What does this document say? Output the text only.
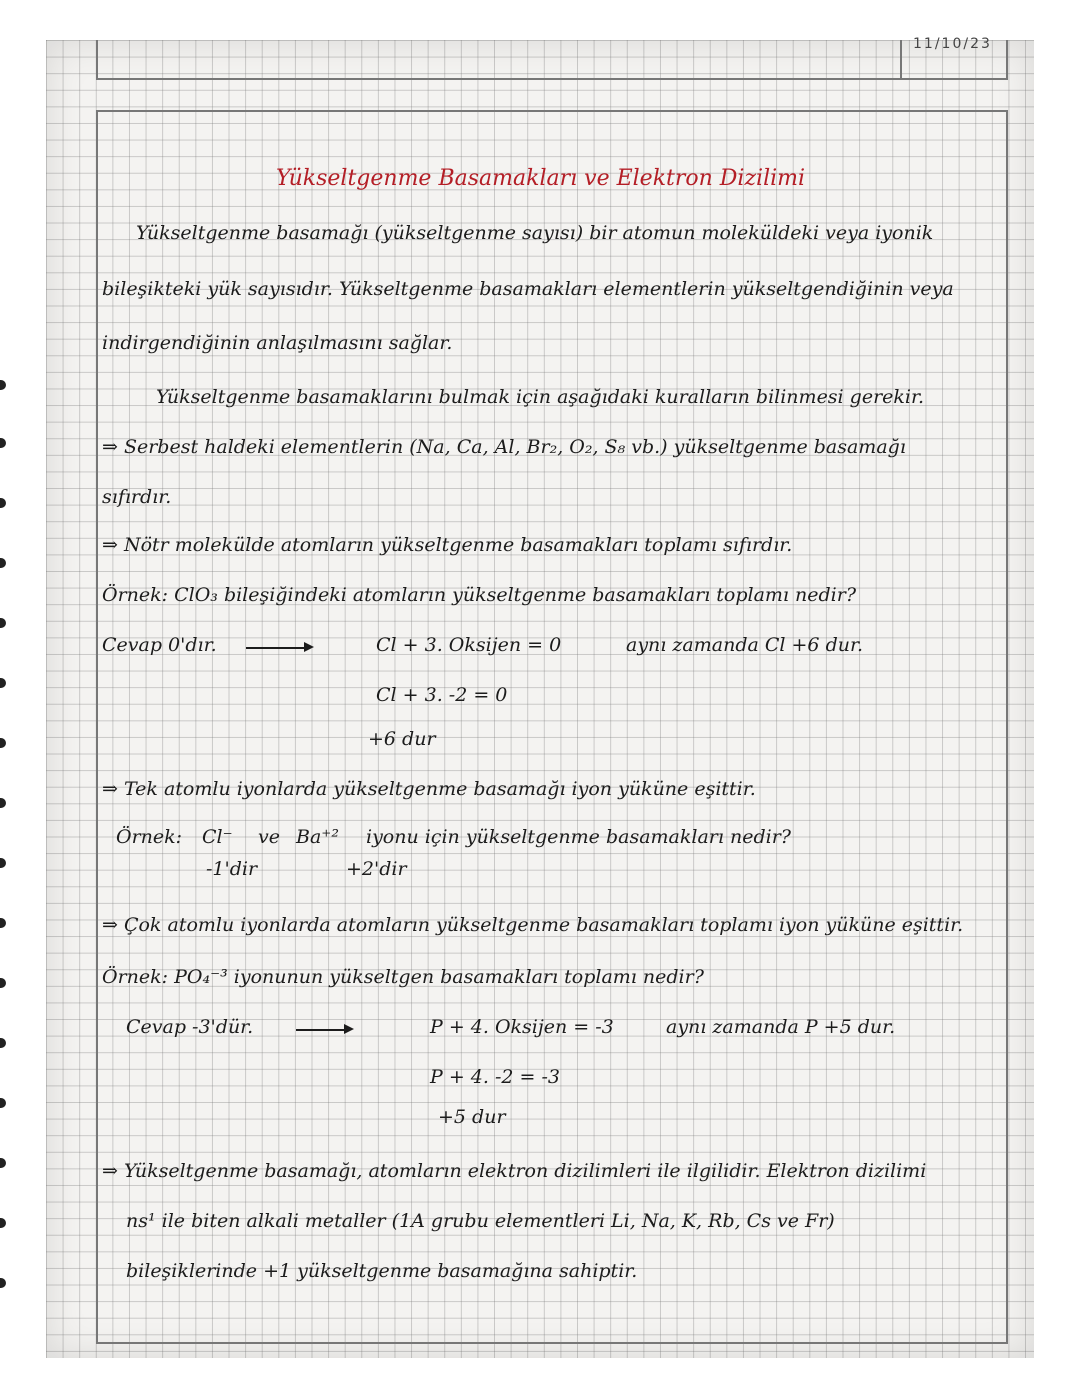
11/10/23
Yükseltgenme Basamakları ve Elektron Dizilimi
Yükseltgenme basamağı (yükseltgenme sayısı) bir atomun moleküldeki veya iyonik
bileşikteki yük sayısıdır. Yükseltgenme basamakları elementlerin yükseltgendiğinin veya
indirgendiğinin anlaşılmasını sağlar.
Yükseltgenme basamaklarını bulmak için aşağıdaki kuralların bilinmesi gerekir.
⇒ Serbest haldeki elementlerin (Na, Ca, Al, Br₂, O₂, S₈ vb.) yükseltgenme basamağı
sıfırdır.
⇒ Nötr molekülde atomların yükseltgenme basamakları toplamı sıfırdır.
Örnek: ClO₃ bileşiğindeki atomların yükseltgenme basamakları toplamı nedir?
Cevap 0'dır.	Cl + 3. Oksijen = 0	aynı zamanda Cl +6 dur.
Cl + 3. -2 = 0
+6 dur
⇒ Tek atomlu iyonlarda yükseltgenme basamağı iyon yüküne eşittir.
Örnek: Cl⁻ ve Ba⁺² iyonu için yükseltgenme basamakları nedir?
-1'dir	+2'dir
⇒ Çok atomlu iyonlarda atomların yükseltgenme basamakları toplamı iyon yüküne eşittir.
Örnek: PO₄⁻³ iyonunun yükseltgen basamakları toplamı nedir?
Cevap -3'dür.	P + 4. Oksijen = -3	aynı zamanda P +5 dur.
P + 4. -2 = -3
+5 dur
⇒ Yükseltgenme basamağı, atomların elektron dizilimleri ile ilgilidir. Elektron dizilimi
ns¹ ile biten alkali metaller (1A grubu elementleri Li, Na, K, Rb, Cs ve Fr)
bileşiklerinde +1 yükseltgenme basamağına sahiptir.
